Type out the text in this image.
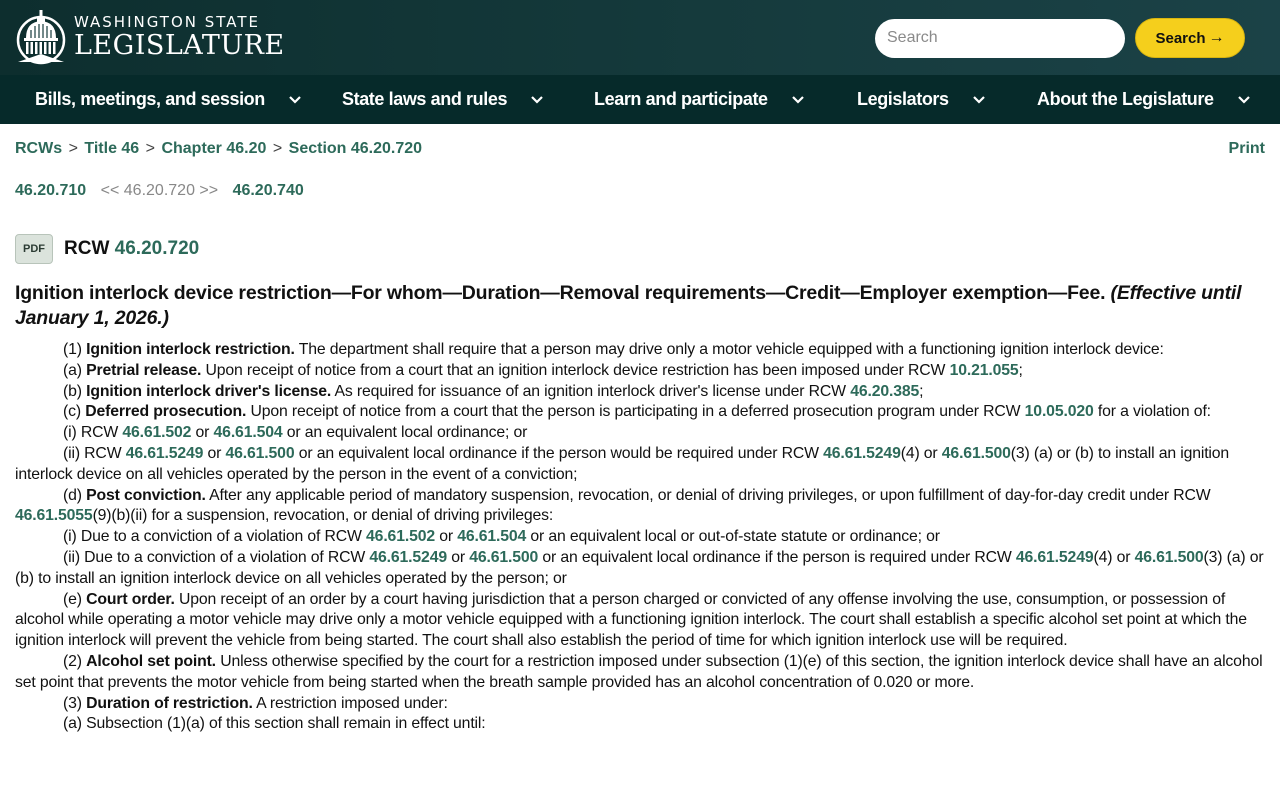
WASHINGTON STATE
LEGISLATURE
Search	Search →
Bills, meetings, and session	State laws and rules	Learn and participate	Legislators	About the Legislature
RCWs > Title 46 > Chapter 46.20 > Section 46.20.720	Print
46.20.710 << 46.20.720 >> 46.20.740
PDF	RCW 46.20.720
Ignition interlock device restriction—For whom—Duration—Removal requirements—Credit—Employer exemption—Fee. (Effective until January 1, 2026.)

(1) Ignition interlock restriction. The department shall require that a person may drive only a motor vehicle equipped with a functioning ignition interlock device:

(a) Pretrial release. Upon receipt of notice from a court that an ignition interlock device restriction has been imposed under RCW 10.21.055;

(b) Ignition interlock driver's license. As required for issuance of an ignition interlock driver's license under RCW 46.20.385;

(c) Deferred prosecution. Upon receipt of notice from a court that the person is participating in a deferred prosecution program under RCW 10.05.020 for a violation of:

(i) RCW 46.61.502 or 46.61.504 or an equivalent local ordinance; or

(ii) RCW 46.61.5249 or 46.61.500 or an equivalent local ordinance if the person would be required under RCW 46.61.5249(4) or 46.61.500(3) (a) or (b) to install an ignition interlock device on all vehicles operated by the person in the event of a conviction;

(d) Post conviction. After any applicable period of mandatory suspension, revocation, or denial of driving privileges, or upon fulfillment of day-for-day credit under RCW 46.61.5055(9)(b)(ii) for a suspension, revocation, or denial of driving privileges:

(i) Due to a conviction of a violation of RCW 46.61.502 or 46.61.504 or an equivalent local or out-of-state statute or ordinance; or

(ii) Due to a conviction of a violation of RCW 46.61.5249 or 46.61.500 or an equivalent local ordinance if the person is required under RCW 46.61.5249(4) or 46.61.500(3) (a) or (b) to install an ignition interlock device on all vehicles operated by the person; or

(e) Court order. Upon receipt of an order by a court having jurisdiction that a person charged or convicted of any offense involving the use, consumption, or possession of alcohol while operating a motor vehicle may drive only a motor vehicle equipped with a functioning ignition interlock. The court shall establish a specific alcohol set point at which the ignition interlock will prevent the vehicle from being started. The court shall also establish the period of time for which ignition interlock use will be required.

(2) Alcohol set point. Unless otherwise specified by the court for a restriction imposed under subsection (1)(e) of this section, the ignition interlock device shall have an alcohol set point that prevents the motor vehicle from being started when the breath sample provided has an alcohol concentration of 0.020 or more.

(3) Duration of restriction. A restriction imposed under:

(a) Subsection (1)(a) of this section shall remain in effect until:
